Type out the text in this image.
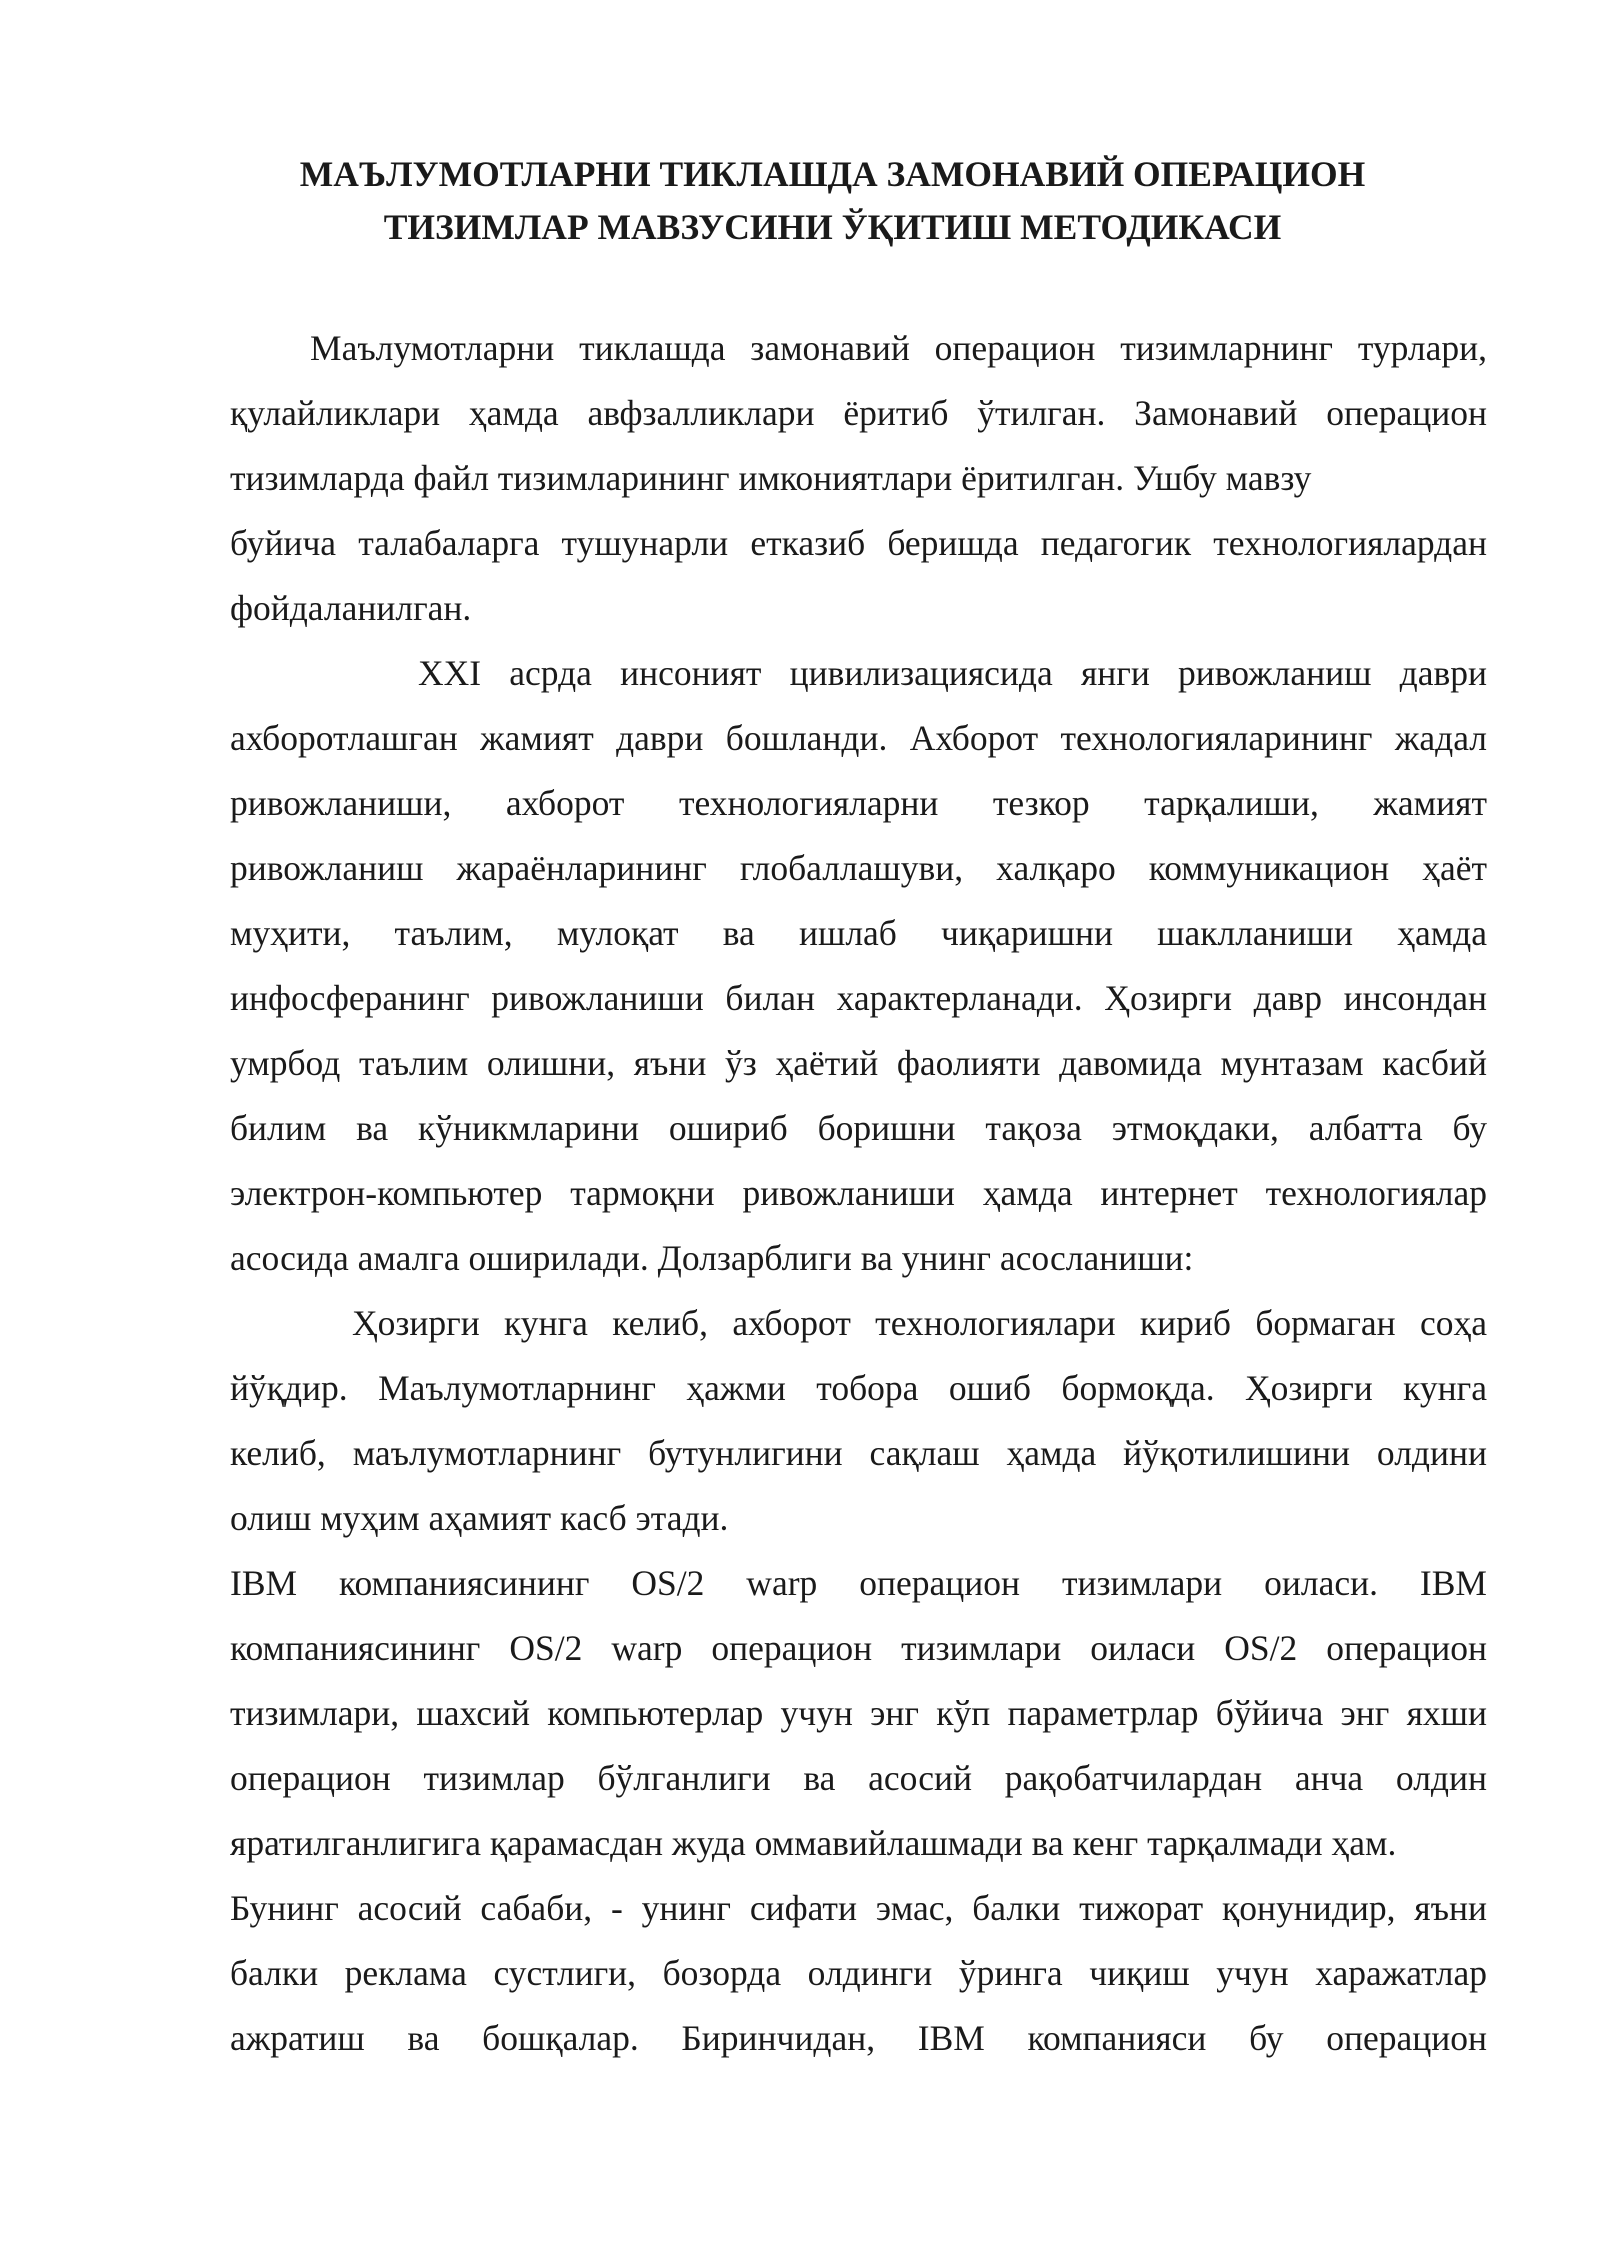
МАЪЛУМОТЛАРНИ ТИКЛАШДА ЗАМОНАВИЙ ОПЕРАЦИОН
ТИЗИМЛАР МАВЗУСИНИ ЎҚИТИШ МЕТОДИКАСИ
Маълумотларни тиклашда замонавий операцион тизимларнинг турлари,
қулайликлари ҳамда авфзалликлари ёритиб ўтилган. Замонавий операцион
тизимларда файл тизимларининг имкониятлари ёритилган. Ушбу мавзу
буйича талабаларга тушунарли етказиб беришда педагогик технологиялардан
фойдаланилган.
XXI асрда инсоният цивилизациясида янги ривожланиш даври
ахборотлашган жамият даври бошланди. Ахборот технологияларининг жадал
ривожланиши, ахборот технологияларни тезкор тарқалиши, жамият
ривожланиш жараёнларининг глобаллашуви, халқаро коммуникацион ҳаёт
муҳити, таълим, мулоқат ва ишлаб чиқаришни шаклланиши ҳамда
инфосфеpaнинг ривожланиши билан характерланади. Ҳозирги давр инсондан
умрбод таълим олишни, яъни ўз ҳаётий фаолияти давомида мунтазам касбий
билим ва кўникмларини ошириб боришни тақоза этмоқдаки, албатта бу
электрон-компьютер тармоқни ривожланиши ҳамда интернет технологиялар
асосида амалга оширилади. Долзарблиги ва унинг асосланиши:
Ҳозирги кунга келиб, ахборот технологиялари кириб бормаган соҳа
йўқдир. Маълумотларнинг ҳажми тобора ошиб бормоқда. Ҳозирги кунга
келиб, маълумотларнинг бутунлигини сақлаш ҳамда йўқотилишини олдини
олиш муҳим аҳамият касб этади.
IBM компаниясининг OS/2 warp операцион тизимлари оиласи. IBM
компаниясининг OS/2 warp операцион тизимлари оиласи OS/2 операцион
тизимлари, шахсий компьютерлар учун энг кўп параметрлар бўйича энг яхши
операцион тизимлар бўлганлиги ва асосий рақобатчилардан анча олдин
яратилганлигига қарамасдан жуда оммавийлашмади ва кенг тарқалмади ҳам.
Бунинг асосий сабаби, - унинг сифати эмас, балки тижорат қонунидир, яъни
балки реклама сустлиги, бозорда олдинги ўринга чиқиш учун харажатлар
ажратиш ва бошқалар. Биринчидан, IBM компанияси бу операцион
